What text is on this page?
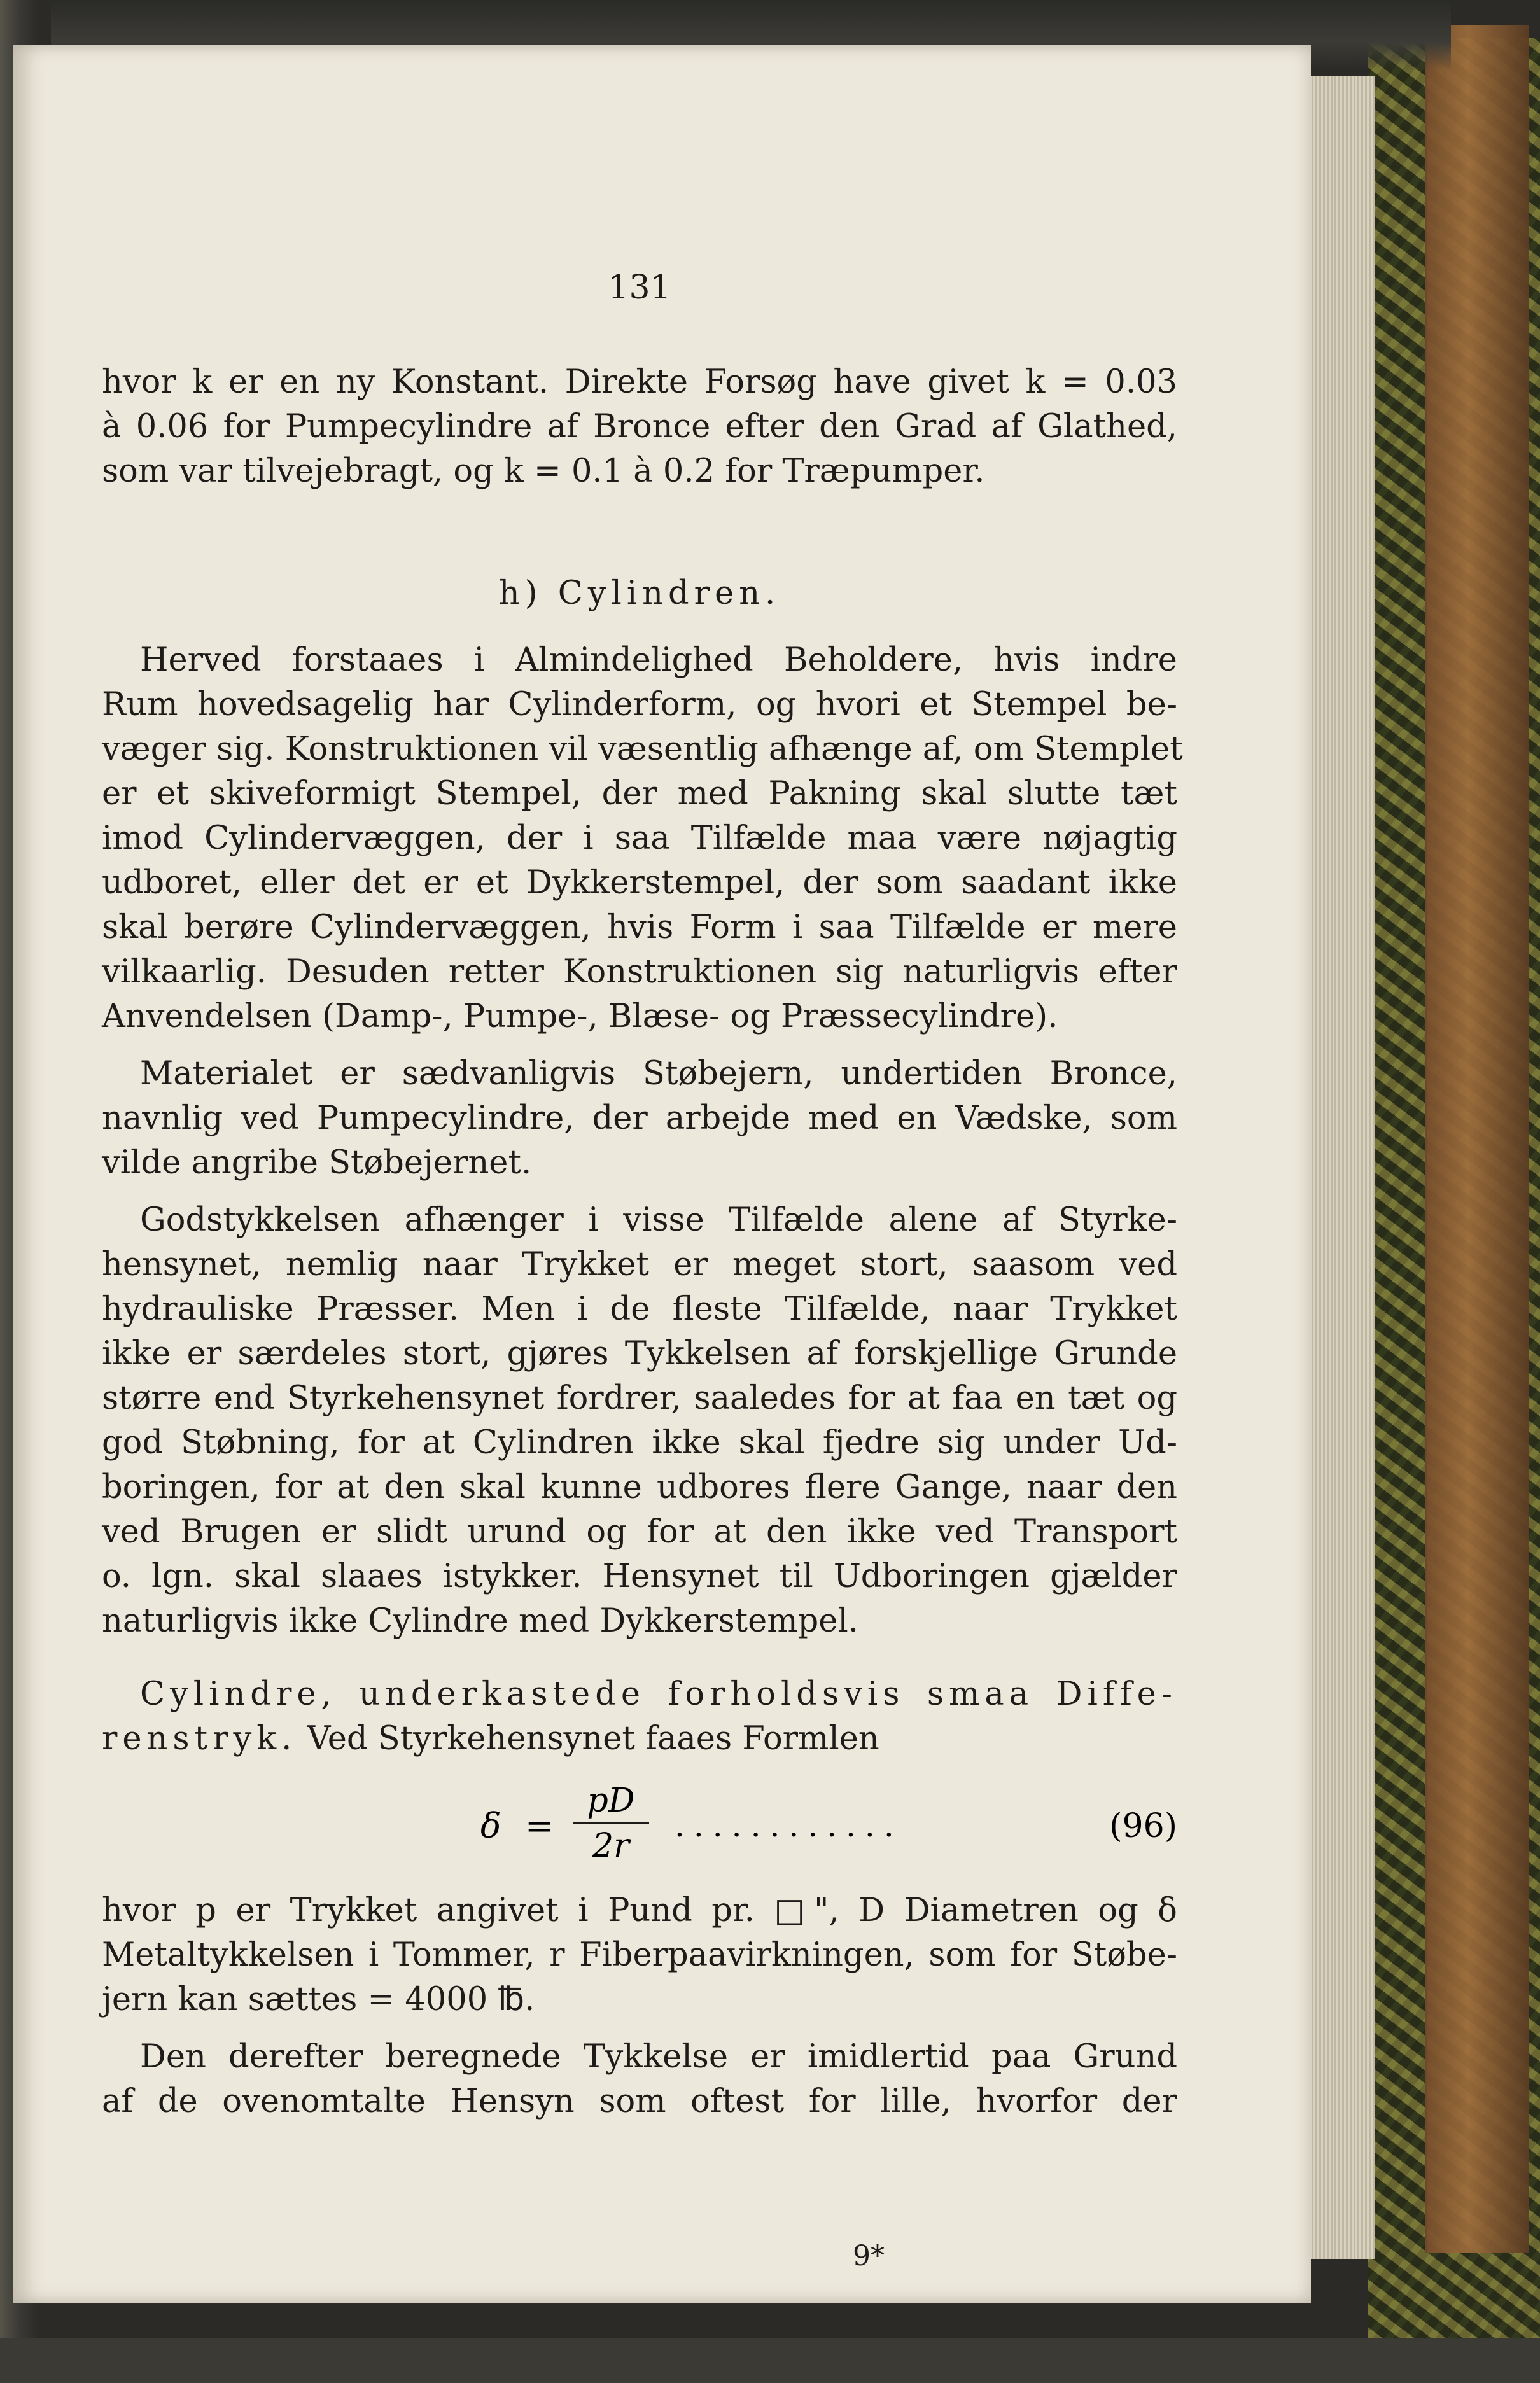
131
hvor k er en ny Konstant. Direkte Forsøg have givet k = 0.03
à 0.06 for Pumpecylindre af Bronce efter den Grad af Glathed,
som var tilvejebragt, og k = 0.1 à 0.2 for Træpumper.
h) Cylindren.
Herved forstaaes i Almindelighed Beholdere, hvis indre
Rum hovedsagelig har Cylinderform, og hvori et Stempel be-
væger sig. Konstruktionen vil væsentlig afhænge af, om Stemplet
er et skiveformigt Stempel, der med Pakning skal slutte tæt
imod Cylindervæggen, der i saa Tilfælde maa være nøjagtig
udboret, eller det er et Dykkerstempel, der som saadant ikke
skal berøre Cylindervæggen, hvis Form i saa Tilfælde er mere
vilkaarlig. Desuden retter Konstruktionen sig naturligvis efter
Anvendelsen (Damp-, Pumpe-, Blæse- og Præssecylindre).
Materialet er sædvanligvis Støbejern, undertiden Bronce,
navnlig ved Pumpecylindre, der arbejde med en Vædske, som
vilde angribe Støbejernet.
Godstykkelsen afhænger i visse Tilfælde alene af Styrke-
hensynet, nemlig naar Trykket er meget stort, saasom ved
hydrauliske Præsser. Men i de fleste Tilfælde, naar Trykket
ikke er særdeles stort, gjøres Tykkelsen af forskjellige Grunde
større end Styrkehensynet fordrer, saaledes for at faa en tæt og
god Støbning, for at Cylindren ikke skal fjedre sig under Ud-
boringen, for at den skal kunne udbores flere Gange, naar den
ved Brugen er slidt urund og for at den ikke ved Transport
o. lgn. skal slaaes istykker. Hensynet til Udboringen gjælder
naturligvis ikke Cylindre med Dykkerstempel.
Cylindre, underkastede forholdsvis smaa Diffe-
renstryk. Ved Styrkehensynet faaes Formlen
δ =
pD
2r
............	(96)
hvor p er Trykket angivet i Pund pr. □", D Diametren og δ
Metaltykkelsen i Tommer, r Fiberpaavirkningen, som for Støbe-
jern kan sættes = 4000 ℔.
Den derefter beregnede Tykkelse er imidlertid paa Grund
af de ovenomtalte Hensyn som oftest for lille, hvorfor der
9*
